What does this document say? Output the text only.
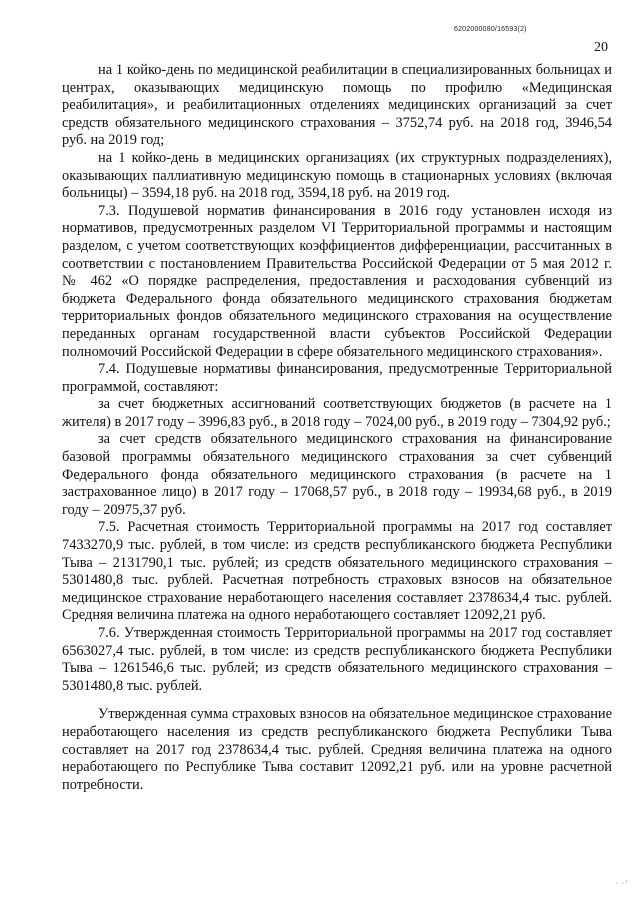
6202000080/16593(2)
20

на 1 койко-день по медицинской реабилитации в специализированных больницах и центрах, оказывающих медицинскую помощь по профилю «Медицинская реабилитация», и реабилитационных отделениях медицинских организаций за счет средств обязательного медицинского страхования – 3752,74 руб. на 2018 год, 3946,54 руб. на 2019 год;

на 1 койко-день в медицинских организациях (их структурных подразделениях), оказывающих паллиативную медицинскую помощь в стационарных условиях (включая больницы) – 3594,18 руб. на 2018 год, 3594,18 руб. на 2019 год.

7.3. Подушевой норматив финансирования в 2016 году установлен исходя из нормативов, предусмотренных разделом VI Территориальной программы и настоящим разделом, с учетом соответствующих коэффициентов дифференциации, рассчитанных в соответствии с постановлением Правительства Российской Федерации от 5 мая 2012 г. № 462 «О порядке распределения, предоставления и расходования субвенций из бюджета Федерального фонда обязательного медицинского страхования бюджетам территориальных фондов обязательного медицинского страхования на осуществление переданных органам государственной власти субъектов Российской Федерации полномочий Российской Федерации в сфере обязательного медицинского страхования».

7.4. Подушевые нормативы финансирования, предусмотренные Территориальной программой, составляют:

за счет бюджетных ассигнований соответствующих бюджетов (в расчете на 1 жителя) в 2017 году – 3996,83 руб., в 2018 году – 7024,00 руб., в 2019 году – 7304,92 руб.;

за счет средств обязательного медицинского страхования на финансирование базовой программы обязательного медицинского страхования за счет субвенций Федерального фонда обязательного медицинского страхования (в расчете на 1 застрахованное лицо) в 2017 году – 17068,57 руб., в 2018 году – 19934,68 руб., в 2019 году – 20975,37 руб.

7.5. Расчетная стоимость Территориальной программы на 2017 год составляет 7433270,9 тыс. рублей, в том числе: из средств республиканского бюджета Республики Тыва – 2131790,1 тыс. рублей; из средств обязательного медицинского страхования – 5301480,8 тыс. рублей. Расчетная потребность страховых взносов на обязательное медицинское страхование неработающего населения составляет 2378634,4 тыс. рублей. Средняя величина платежа на одного неработающего составляет 12092,21 руб.

7.6. Утвержденная стоимость Территориальной программы на 2017 год составляет 6563027,4 тыс. рублей, в том числе: из средств республиканского бюджета Республики Тыва – 1261546,6 тыс. рублей; из средств обязательного медицинского страхования – 5301480,8 тыс. рублей.

Утвержденная сумма страховых взносов на обязательное медицинское страхование неработающего населения из средств республиканского бюджета Республики Тыва составляет на 2017 год 2378634,4 тыс. рублей. Средняя величина платежа на одного неработающего по Республике Тыва составит 12092,21 руб. или на уровне расчетной потребности.

· ·ʼ
